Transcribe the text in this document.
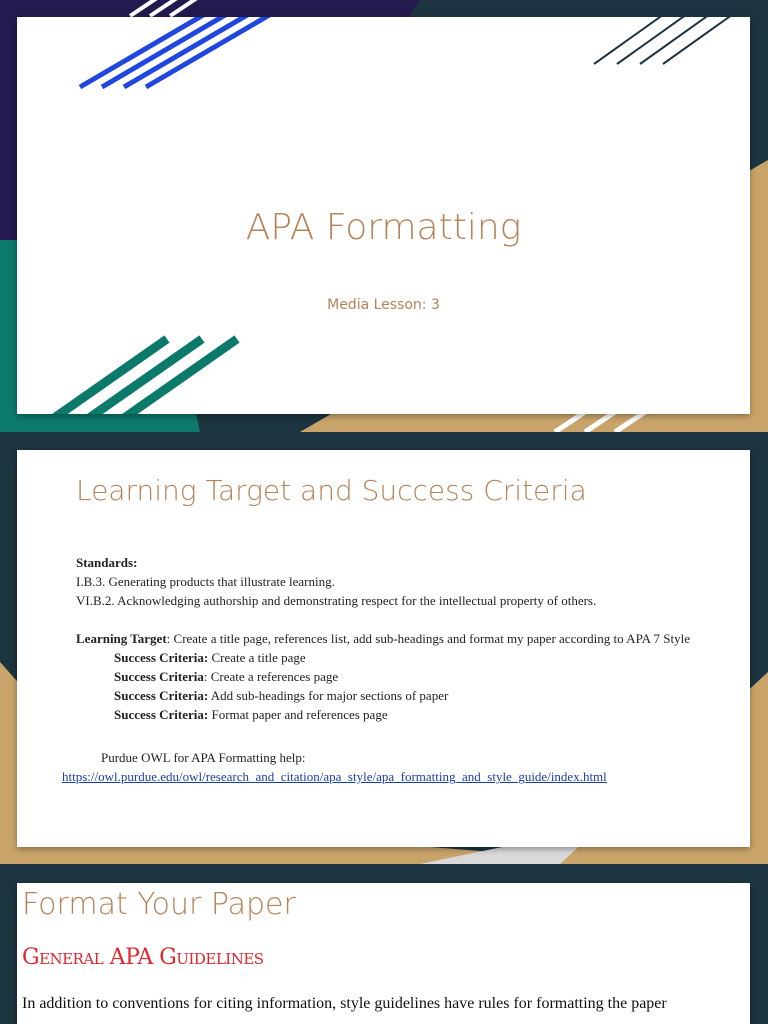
APA Formatting
Media Lesson: 3
Learning Target and Success Criteria

Standards:

I.B.3. Generating products that illustrate learning.

VI.B.2. Acknowledging authorship and demonstrating respect for the intellectual property of others.

Learning Target: Create a title page, references list, add sub-headings and format my paper according to APA 7 Style

Success Criteria: Create a title page

Success Criteria: Create a references page

Success Criteria: Add sub-headings for major sections of paper

Success Criteria: Format paper and references page

Purdue OWL for APA Formatting help:

https://owl.purdue.edu/owl/research_and_citation/apa_style/apa_formatting_and_style_guide/index.html
Format Your Paper
General APA Guidelines
In addition to conventions for citing information, style guidelines have rules for formatting the paper
